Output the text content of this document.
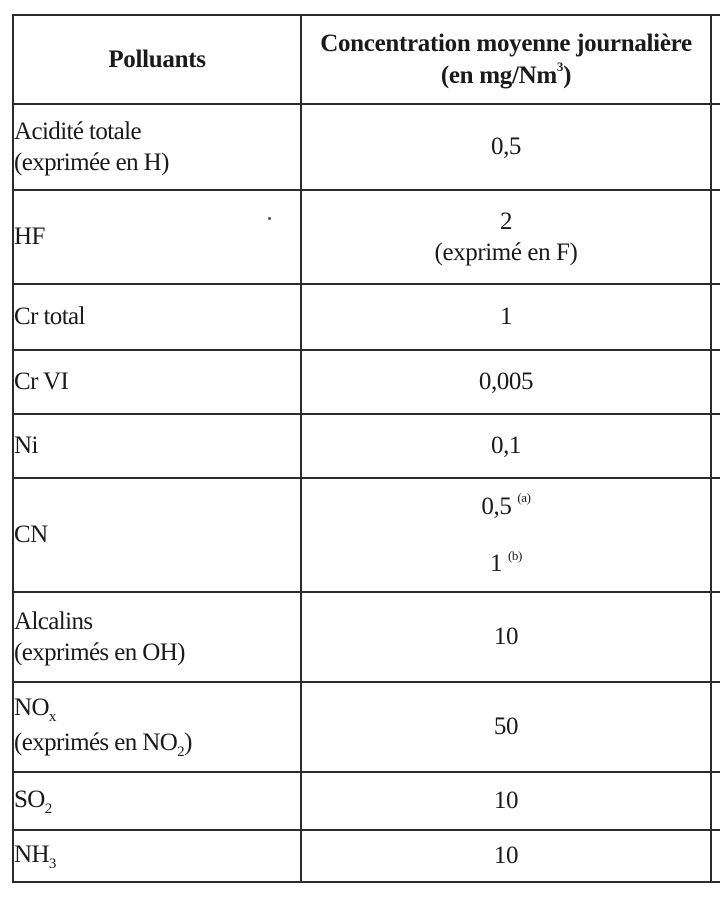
Polluants	Concentration moyenne journalière
(en mg/Nm$^3$)	

Acidité totale
(exprimée en H)	0,5	
HF	2
(exprimé en F)	

Cr total	1	
Cr VI	0,005	
Ni	0,1	
CN	0,5 $^{(a)}$
1 $^{(b)}$

Alcalins
(exprimés en OH)	10	

$NO_x$
(exprimés en $NO_2$)	50	
$SO_2$	10	
$NH_3$	10	
